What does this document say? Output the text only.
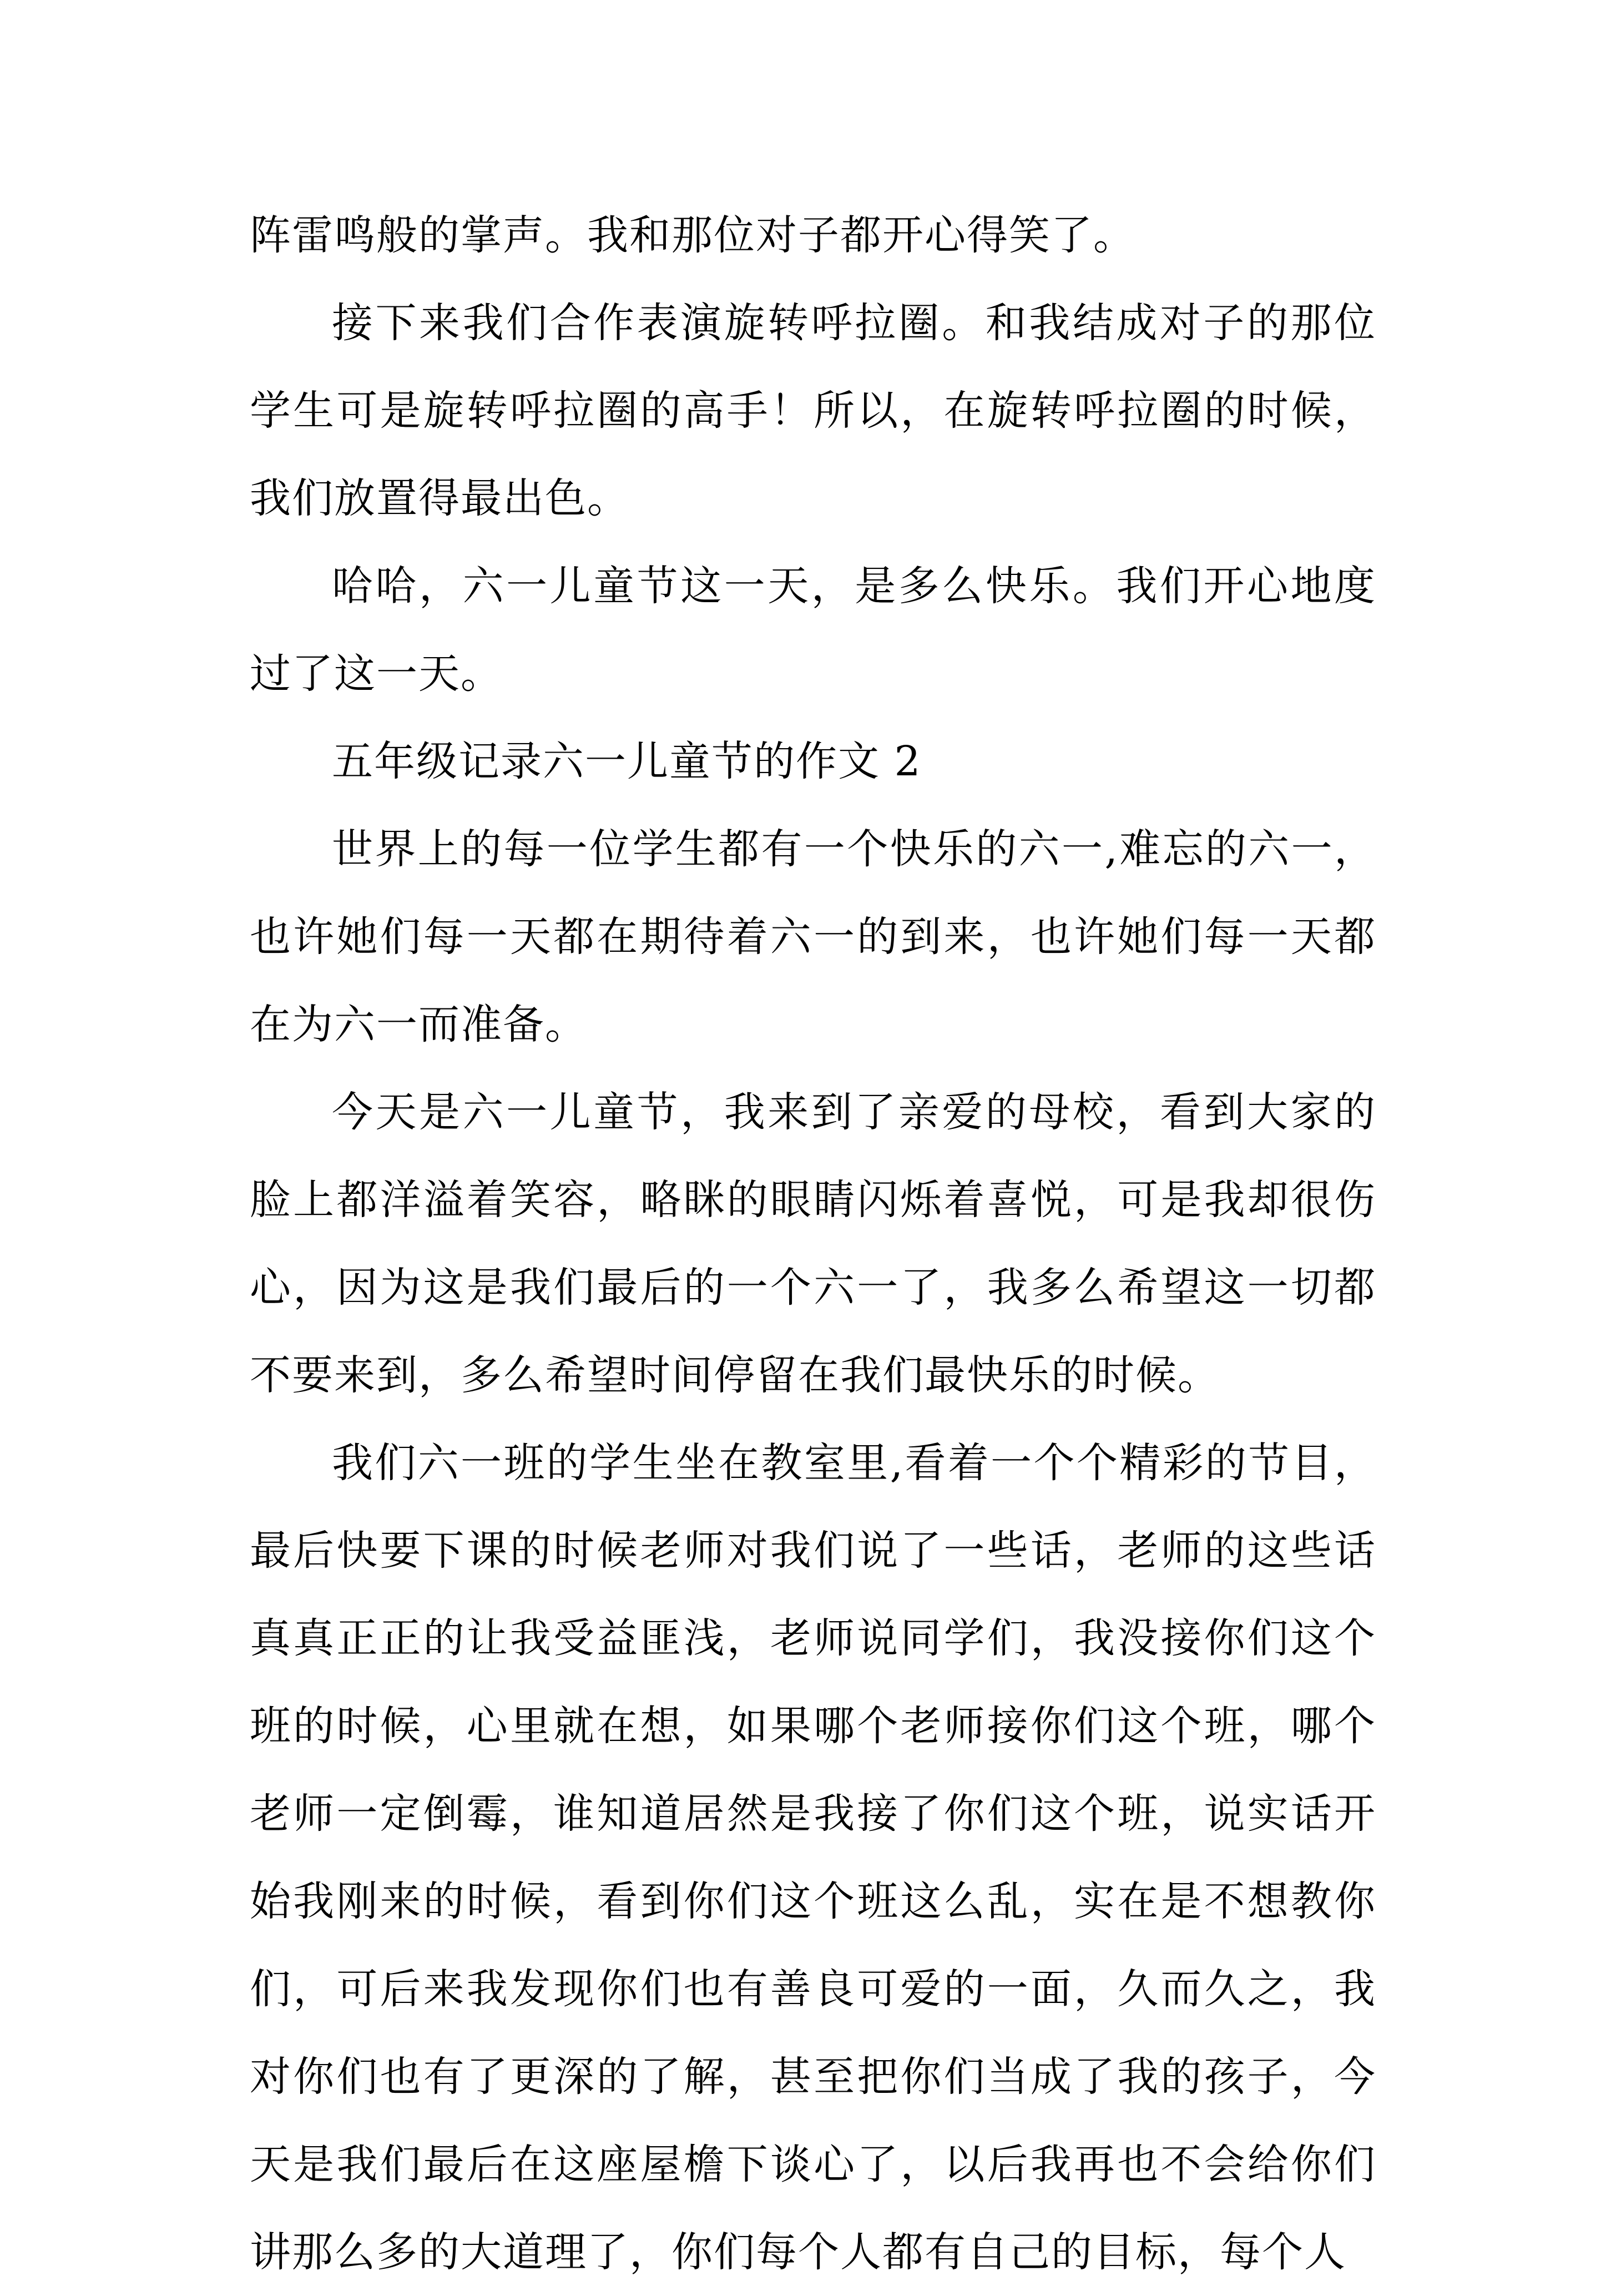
阵雷鸣般的掌声。我和那位对子都开心得笑了。

接下来我们合作表演旋转呼拉圈。和我结成对子的那位学生可是旋转呼拉圈的高手！所以，在旋转呼拉圈的时候，我们放置得最出色。

哈哈，六一儿童节这一天，是多么快乐。我们开心地度过了这一天。

五年级记录六一儿童节的作文 2

世界上的每一位学生都有一个快乐的六一,难忘的六一，也许她们每一天都在期待着六一的到来，也许她们每一天都在为六一而准备。

今天是六一儿童节，我来到了亲爱的母校，看到大家的脸上都洋溢着笑容，略眯的眼睛闪烁着喜悦，可是我却很伤心，因为这是我们最后的一个六一了，我多么希望这一切都不要来到，多么希望时间停留在我们最快乐的时候。

我们六一班的学生坐在教室里,看着一个个精彩的节目，最后快要下课的时候老师对我们说了一些话，老师的这些话真真正正的让我受益匪浅，老师说同学们，我没接你们这个班的时候，心里就在想，如果哪个老师接你们这个班，哪个老师一定倒霉，谁知道居然是我接了你们这个班，说实话开始我刚来的时候，看到你们这个班这么乱，实在是不想教你们，可后来我发现你们也有善良可爱的一面，久而久之，我对你们也有了更深的了解，甚至把你们当成了我的孩子，今天是我们最后在这座屋檐下谈心了，以后我再也不会给你们讲那么多的大道理了，你们每个人都有自己的目标，每个人
